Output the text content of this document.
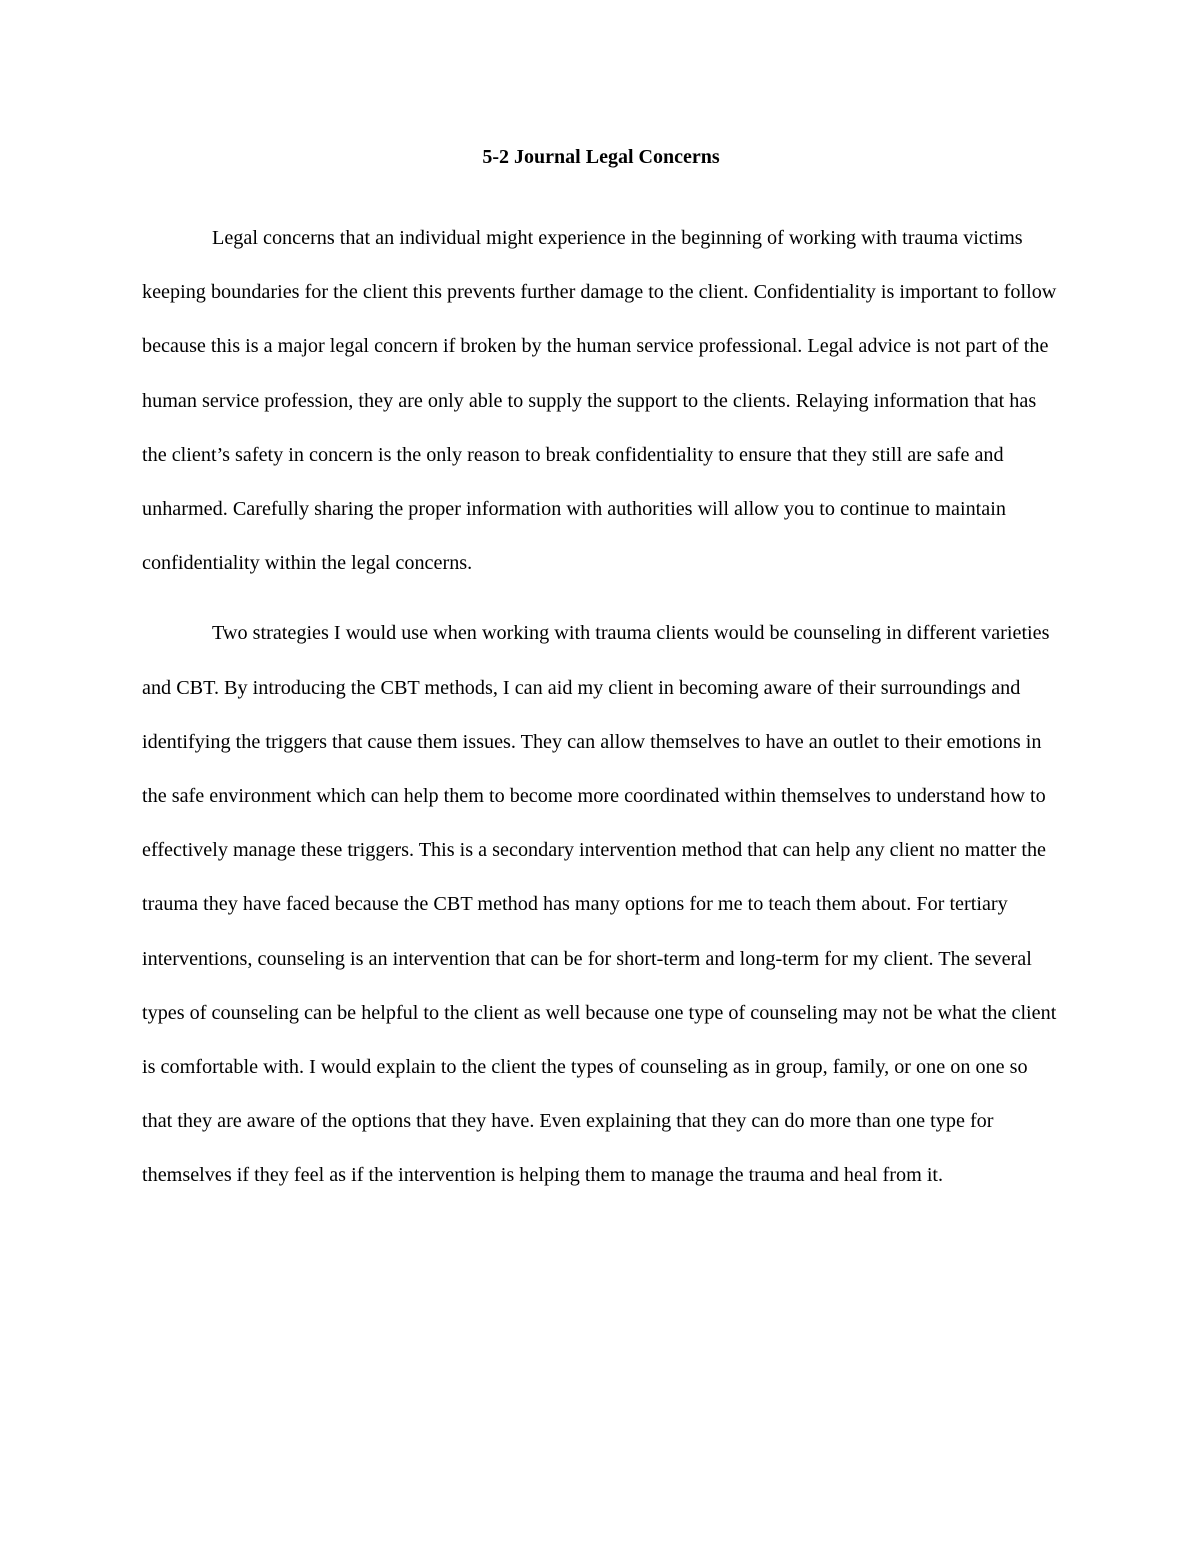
5-2 Journal Legal Concerns

Legal concerns that an individual might experience in the beginning of working with trauma victims keeping boundaries for the client this prevents further damage to the client. Confidentiality is important to follow because this is a major legal concern if broken by the human service professional. Legal advice is not part of the human service profession, they are only able to supply the support to the clients. Relaying information that has the client’s safety in concern is the only reason to break confidentiality to ensure that they still are safe and unharmed. Carefully sharing the proper information with authorities will allow you to continue to maintain confidentiality within the legal concerns.

Two strategies I would use when working with trauma clients would be counseling in different varieties and CBT. By introducing the CBT methods, I can aid my client in becoming aware of their surroundings and identifying the triggers that cause them issues. They can allow themselves to have an outlet to their emotions in the safe environment which can help them to become more coordinated within themselves to understand how to effectively manage these triggers. This is a secondary intervention method that can help any client no matter the trauma they have faced because the CBT method has many options for me to teach them about. For tertiary interventions, counseling is an intervention that can be for short-term and long-term for my client. The several types of counseling can be helpful to the client as well because one type of counseling may not be what the client is comfortable with. I would explain to the client the types of counseling as in group, family, or one on one so that they are aware of the options that they have. Even explaining that they can do more than one type for themselves if they feel as if the intervention is helping them to manage the trauma and heal from it.
